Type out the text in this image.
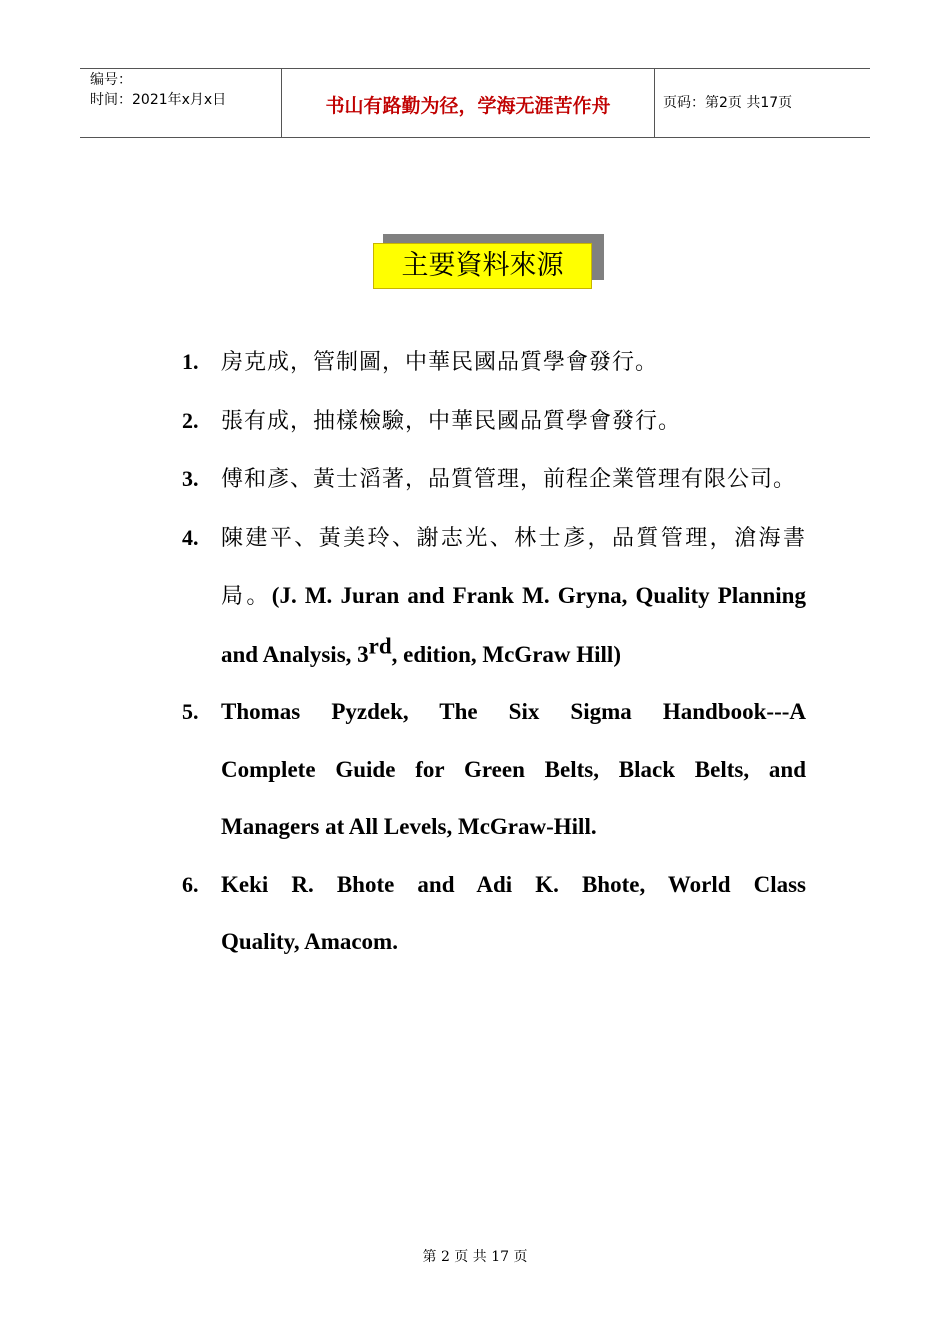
编号：
时间：2021年x月x日	书山有路勤为径，学海无涯苦作舟	页码：第2页 共17页
主要資料來源
1. 房克成，管制圖，中華民國品質學會發行。
2. 張有成，抽樣檢驗，中華民國品質學會發行。
3. 傅和彥、黃士滔著，品質管理，前程企業管理有限公司。
4. 陳建平、黃美玲、謝志光、林士彥，品質管理，滄海書局。(J. M. Juran and Frank M. Gryna, Quality Planning and Analysis, 3rd, edition, McGraw Hill)
5. Thomas Pyzdek, The Six Sigma Handbook---A
Complete Guide for Green Belts, Black Belts, and
Managers at All Levels, McGraw-Hill.
6. Keki R. Bhote and Adi K. Bhote, World Class
Quality, Amacom.
第 2 页 共 17 页
